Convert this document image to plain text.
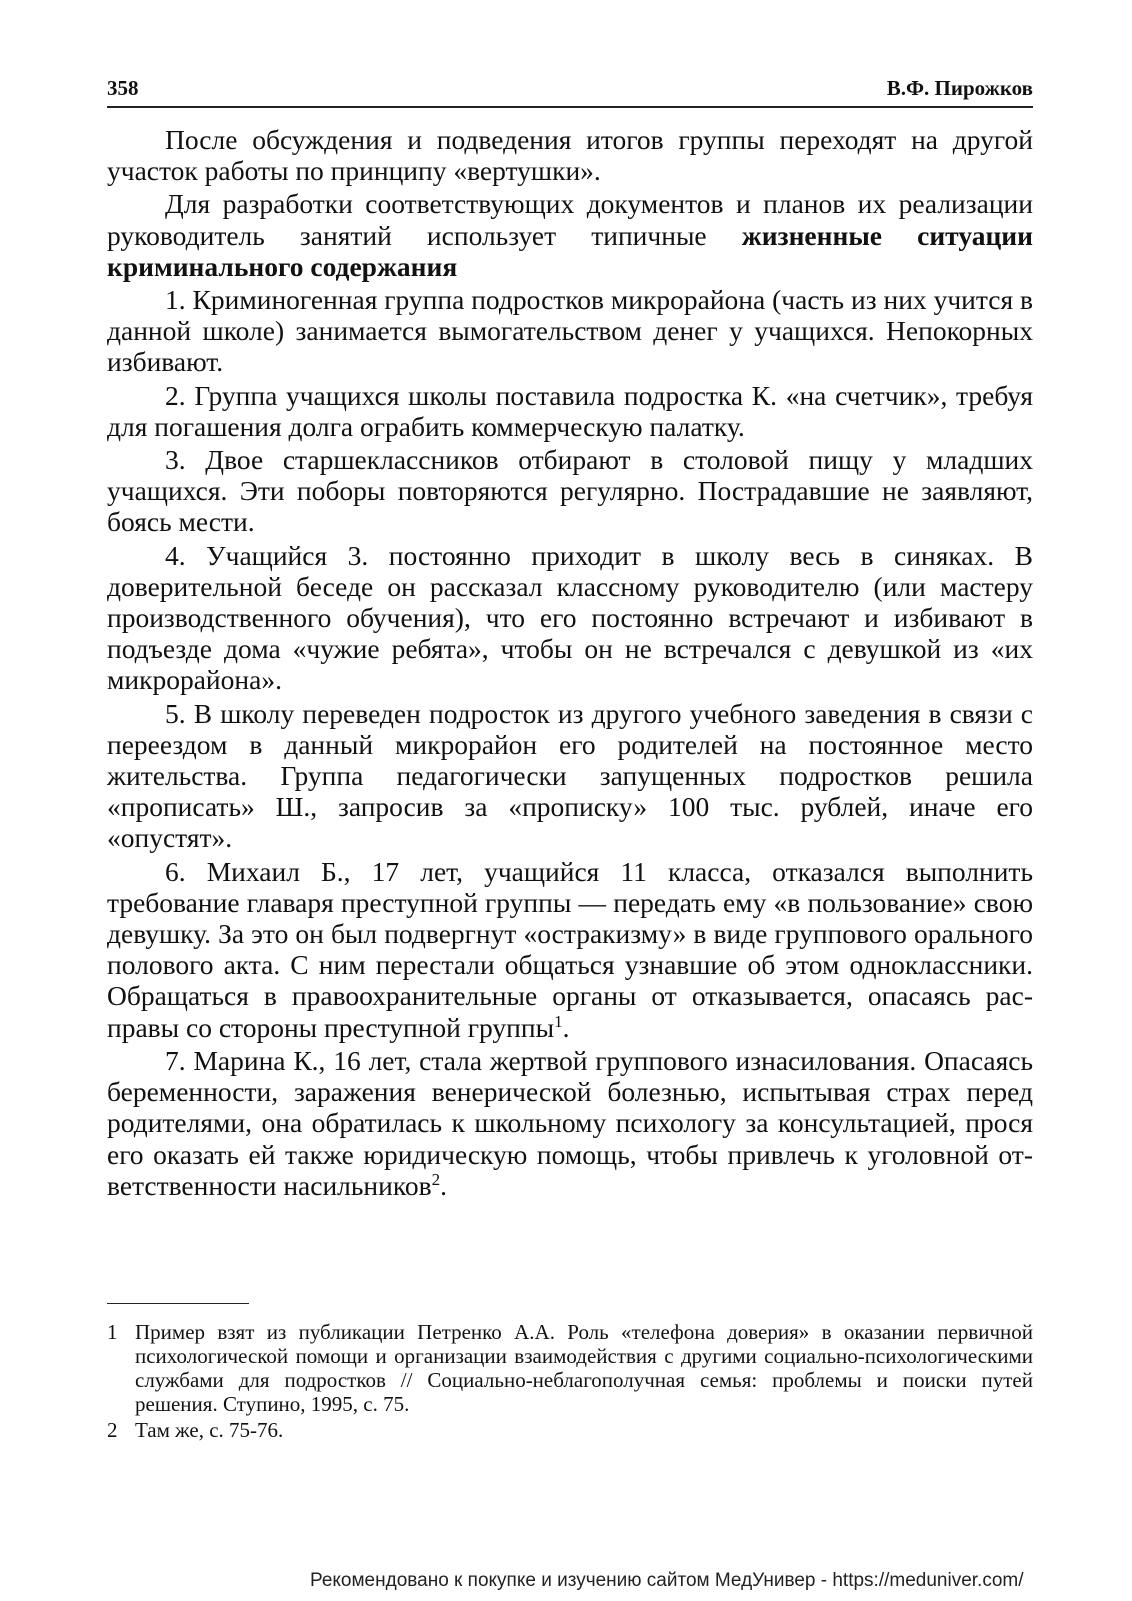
358	В.Ф. Пирожков

После обсуждения и подведения итогов группы переходят на другой участок работы по принципу «вертушки».

Для разработки соответствующих документов и планов их реализации руководитель занятий использует типичные жизненные ситуации криминального содержания

1. Криминогенная группа подростков микрорайона (часть из них учится в данной школе) занимается вымогательством денег у учащихся. Непокорных избивают.

2. Группа учащихся школы поставила подростка К. «на счетчик», требуя для погашения долга ограбить коммерческую палатку.

3. Двое старшеклассников отбирают в столовой пищу у младших учащихся. Эти поборы повторяются регулярно. Пострадавшие не заявляют, боясь мести.

4. Учащийся 3. постоянно приходит в школу весь в синяках. В доверительной беседе он рассказал классному руководителю (или мастеру производственного обучения), что его постоянно встречают и избивают в подъезде дома «чужие ребята», чтобы он не встречался с девушкой из «их микрорайона».

5. В школу переведен подросток из другого учебного заведения в связи с переездом в данный микрорайон его родителей на постоянное место жительства. Группа педагогически запущенных подростков решила «прописать» Ш., запросив за «прописку» 100 тыс. рублей, иначе его «опустят».

6. Михаил Б., 17 лет, учащийся 11 класса, отказался выполнить требование главаря преступной группы — передать ему «в пользование» свою девушку. За это он был подвергнут «остракизму» в виде группового орального полового акта. С ним перестали общаться узнавшие об этом одноклассники. Обращаться в правоохранительные органы от отказывается, опасаясь расправы со стороны преступной группы$^1$.

7. Марина К., 16 лет, стала жертвой группового изнасилования. Опасаясь беременности, заражения венерической болезнью, испытывая страх перед родителями, она обратилась к школьному психологу за консультацией, прося его оказать ей также юридическую помощь, чтобы привлечь к уголовной ответственности насильников$^2$.

1 Пример взят из публикации Петренко А.А. Роль «телефона доверия» в оказании первичной психологической помощи и организации взаимодействия с другими социально-психологическими службами для подростков // Социально-неблагополучная семья: проблемы и поиски путей решения. Ступино, 1995, с. 75.
2 Там же, с. 75-76.
Рекомендовано к покупке и изучению сайтом МедУнивер - https://meduniver.com/
